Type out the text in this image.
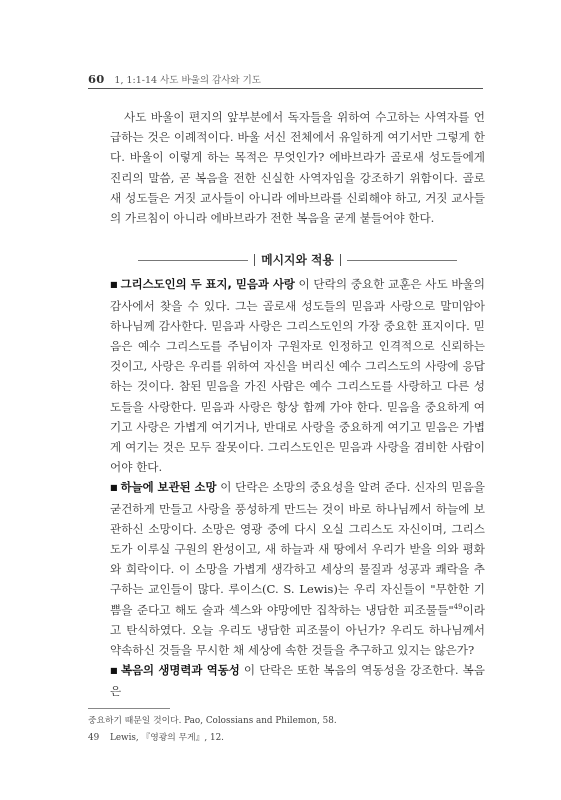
60 1, 1:1-14 사도 바울의 감사와 기도

사도 바울이 편지의 앞부분에서 독자들을 위하여 수고하는 사역자를 언급하는 것은 이례적이다. 바울 서신 전체에서 유일하게 여기서만 그렇게 한다. 바울이 이렇게 하는 목적은 무엇인가? 에바브라가 골로새 성도들에게 진리의 말씀, 곧 복음을 전한 신실한 사역자임을 강조하기 위함이다. 골로새 성도들은 거짓 교사들이 아니라 에바브라를 신뢰해야 하고, 거짓 교사들의 가르침이 아니라 에바브라가 전한 복음을 굳게 붙들어야 한다.

메시지와 적용

■ 그리스도인의 두 표지, 믿음과 사랑 이 단락의 중요한 교훈은 사도 바울의 감사에서 찾을 수 있다. 그는 골로새 성도들의 믿음과 사랑으로 말미암아 하나님께 감사한다. 믿음과 사랑은 그리스도인의 가장 중요한 표지이다. 믿음은 예수 그리스도를 주님이자 구원자로 인정하고 인격적으로 신뢰하는 것이고, 사랑은 우리를 위하여 자신을 버리신 예수 그리스도의 사랑에 응답하는 것이다. 참된 믿음을 가진 사람은 예수 그리스도를 사랑하고 다른 성도들을 사랑한다. 믿음과 사랑은 항상 함께 가야 한다. 믿음을 중요하게 여기고 사랑은 가볍게 여기거나, 반대로 사랑을 중요하게 여기고 믿음은 가볍게 여기는 것은 모두 잘못이다. 그리스도인은 믿음과 사랑을 겸비한 사람이어야 한다.

■ 하늘에 보관된 소망 이 단락은 소망의 중요성을 알려 준다. 신자의 믿음을 굳건하게 만들고 사랑을 풍성하게 만드는 것이 바로 하나님께서 하늘에 보관하신 소망이다. 소망은 영광 중에 다시 오실 그리스도 자신이며, 그리스도가 이루실 구원의 완성이고, 새 하늘과 새 땅에서 우리가 받을 의와 평화와 희락이다. 이 소망을 가볍게 생각하고 세상의 물질과 성공과 쾌락을 추구하는 교인들이 많다. 루이스(C. S. Lewis)는 우리 자신들이 "무한한 기쁨을 준다고 해도 술과 섹스와 야망에만 집착하는 냉담한 피조물들"$^{49}$이라고 탄식하였다. 오늘 우리도 냉담한 피조물이 아닌가? 우리도 하나님께서 약속하신 것들을 무시한 채 세상에 속한 것들을 추구하고 있지는 않은가?

■ 복음의 생명력과 역동성 이 단락은 또한 복음의 역동성을 강조한다. 복음은

중요하기 때문일 것이다. Pao, Colossians and Philemon, 58.
49	Lewis, 『영광의 무게』, 12.
